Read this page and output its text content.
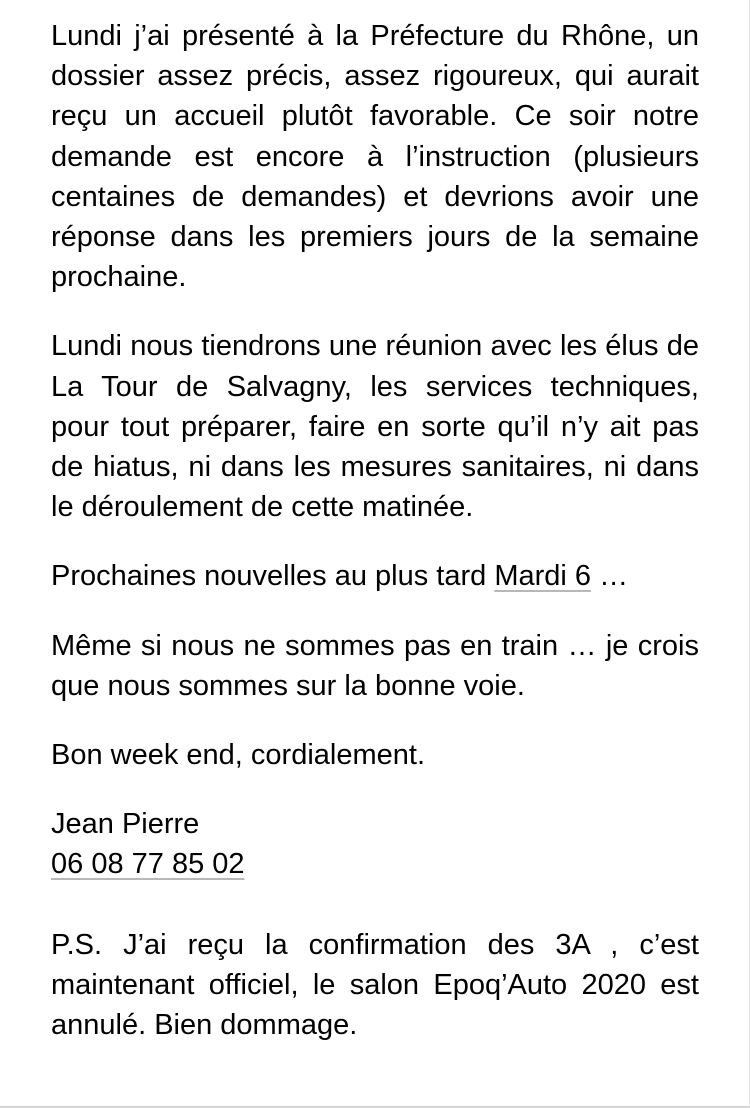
Lundi j’ai présenté à la Préfecture du Rhône, un dossier assez précis, assez rigoureux, qui aurait reçu un accueil plutôt favorable. Ce soir notre demande est encore à l’instruction (plusieurs centaines de demandes) et devrions avoir une réponse dans les premiers jours de la semaine prochaine.

Lundi nous tiendrons une réunion avec les élus de La Tour de Salvagny, les services techniques, pour tout préparer, faire en sorte qu’il n’y ait pas de hiatus, ni dans les mesures sanitaires, ni dans le déroulement de cette matinée.

Prochaines nouvelles au plus tard Mardi 6 …

Même si nous ne sommes pas en train … je crois que nous sommes sur la bonne voie.

Bon week end, cordialement.

Jean Pierre
06 08 77 85 02

P.S. J’ai reçu la confirmation des 3A , c’est maintenant officiel, le salon Epoq’Auto 2020 est annulé. Bien dommage.
